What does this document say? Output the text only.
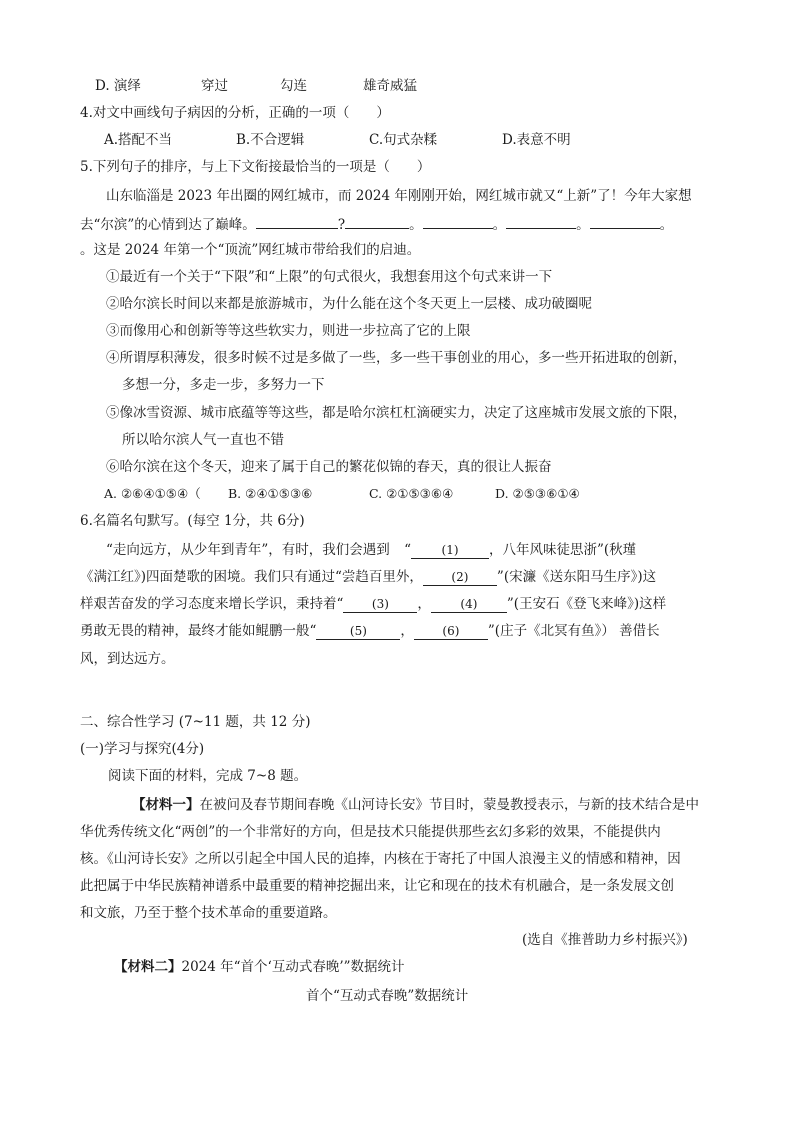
D. 演绎	穿过	勾连	雄奇威猛
4.对文中画线句子病因的分析，正确的一项（　　）
A.搭配不当	B.不合逻辑	C.句式杂糅	D.表意不明
5.下列句子的排序，与上下文衔接最恰当的一项是（　　）
山东临淄是 2023 年出圈的网红城市，而 2024 年刚刚开始，网红城市就又“上新”了！今年大家想
去“尔滨”的心情到达了巅峰。	?	。	。	。	。
。这是 2024 年第一个“顶流”网红城市带给我们的启迪。
①最近有一个关于“下限”和“上限”的句式很火，我想套用这个句式来讲一下
②哈尔滨长时间以来都是旅游城市，为什么能在这个冬天更上一层楼、成功破圈呢
③而像用心和创新等等这些软实力，则进一步拉高了它的上限
④所谓厚积薄发，很多时候不过是多做了一些，多一些干事创业的用心，多一些开拓进取的创新，
多想一分，多走一步，多努力一下
⑤像冰雪资源、城市底蕴等等这些，都是哈尔滨杠杠滴硬实力，决定了这座城市发展文旅的下限，
所以哈尔滨人气一直也不错
⑥哈尔滨在这个冬天，迎来了属于自己的繁花似锦的春天，真的很让人振奋
A. ②⑥④①⑤④（ B. ②④①⑤③⑥	C. ②①⑤③⑥④	D. ②⑤③⑥①④
6.名篇名句默写。(每空 1分，共 6分)
“走向远方，从少年到青年”，有时，我们会遇到 “	(1) ，八年风味徒思浙”(秋瑾
《满江红》)四面楚歌的困境。我们只有通过“尝趋百里外， (2) ”(宋濂《送东阳马生序》)这
样艰苦奋发的学习态度来增长学识，秉持着“ (3) ， (4) ”(王安石《登飞来峰》)这样
勇敢无畏的精神，最终才能如鲲鹏一般“	(5) ， (6) ”(庄子《北冥有鱼》） 善借长
风，到达远方。
二、综合性学习 (7~11 题，共 12 分)
(一)学习与探究(4分)
阅读下面的材料，完成 7~8 题。
【材料一】在被问及春节期间春晚《山河诗长安》节目时，蒙曼教授表示，与新的技术结合是中
华优秀传统文化“两创”的一个非常好的方向，但是技术只能提供那些玄幻多彩的效果，不能提供内
核。《山河诗长安》之所以引起全中国人民的追捧，内核在于寄托了中国人浪漫主义的情感和精神，因
此把属于中华民族精神谱系中最重要的精神挖掘出来，让它和现在的技术有机融合，是一条发展文创
和文旅，乃至于整个技术革命的重要道路。
(选自《推普助力乡村振兴》)
【材料二】2024 年“首个‘互动式春晚’”数据统计
首个“互动式春晚”数据统计
